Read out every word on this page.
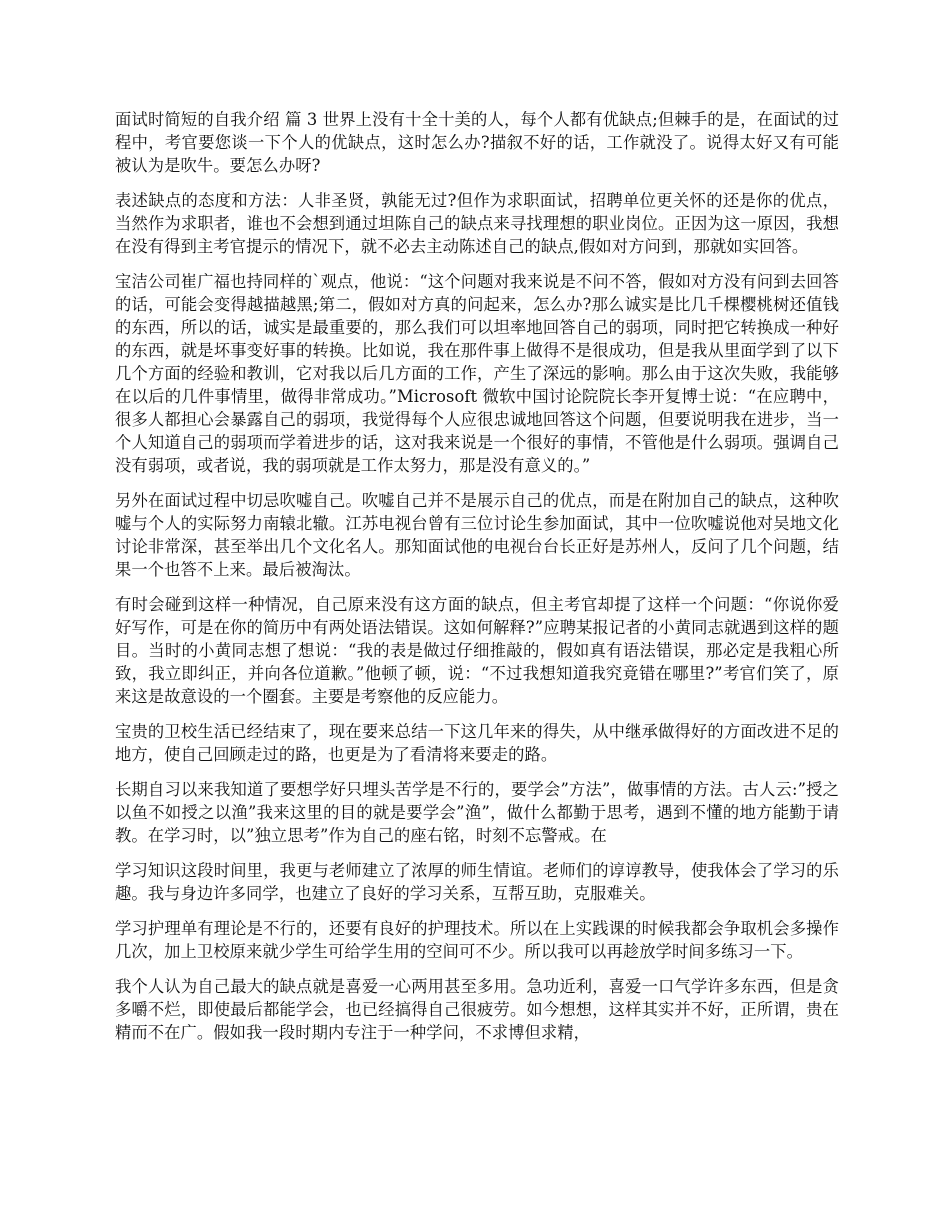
面试时简短的自我介绍 篇 3 世界上没有十全十美的人，每个人都有优缺点;但棘手的是，在面试的过程中，考官要您谈一下个人的优缺点，这时怎么办?描叙不好的话，工作就没了。说得太好又有可能被认为是吹牛。要怎么办呀?

表述缺点的态度和方法：人非圣贤，孰能无过?但作为求职面试，招聘单位更关怀的还是你的优点，当然作为求职者，谁也不会想到通过坦陈自己的缺点来寻找理想的职业岗位。正因为这一原因，我想在没有得到主考官提示的情况下，就不必去主动陈述自己的缺点,假如对方问到，那就如实回答。

宝洁公司崔广福也持同样的`观点，他说：“这个问题对我来说是不问不答，假如对方没有问到去回答的话，可能会变得越描越黑;第二，假如对方真的问起来，怎么办?那么诚实是比几千棵樱桃树还值钱的东西，所以的话，诚实是最重要的，那么我们可以坦率地回答自己的弱项，同时把它转换成一种好的东西，就是坏事变好事的转换。比如说，我在那件事上做得不是很成功，但是我从里面学到了以下几个方面的经验和教训，它对我以后几方面的工作，产生了深远的影响。那么由于这次失败，我能够在以后的几件事情里，做得非常成功。”Microsoft 微软中国讨论院院长李开复博士说：“在应聘中，很多人都担心会暴露自己的弱项，我觉得每个人应很忠诚地回答这个问题，但要说明我在进步，当一个人知道自己的弱项而学着进步的话，这对我来说是一个很好的事情，不管他是什么弱项。强调自己没有弱项，或者说，我的弱项就是工作太努力，那是没有意义的。”

另外在面试过程中切忌吹嘘自己。吹嘘自己并不是展示自己的优点，而是在附加自己的缺点，这种吹嘘与个人的实际努力南辕北辙。江苏电视台曾有三位讨论生参加面试，其中一位吹嘘说他对吴地文化讨论非常深，甚至举出几个文化名人。那知面试他的电视台台长正好是苏州人，反问了几个问题，结果一个也答不上来。最后被淘汰。

有时会碰到这样一种情况，自己原来没有这方面的缺点，但主考官却提了这样一个问题：“你说你爱好写作，可是在你的简历中有两处语法错误。这如何解释?”应聘某报记者的小黄同志就遇到这样的题目。当时的小黄同志想了想说：“我的表是做过仔细推敲的，假如真有语法错误，那必定是我粗心所致，我立即纠正，并向各位道歉。”他顿了顿，说：“不过我想知道我究竟错在哪里?”考官们笑了，原来这是故意设的一个圈套。主要是考察他的反应能力。

宝贵的卫校生活已经结束了，现在要来总结一下这几年来的得失，从中继承做得好的方面改进不足的地方，使自己回顾走过的路，也更是为了看清将来要走的路。

长期自习以来我知道了要想学好只埋头苦学是不行的，要学会”方法”，做事情的方法。古人云:”授之以鱼不如授之以渔”我来这里的目的就是要学会”渔”，做什么都勤于思考，遇到不懂的地方能勤于请教。在学习时，以”独立思考”作为自己的座右铭，时刻不忘警戒。在

学习知识这段时间里，我更与老师建立了浓厚的师生情谊。老师们的谆谆教导，使我体会了学习的乐趣。我与身边许多同学，也建立了良好的学习关系，互帮互助，克服难关。

学习护理单有理论是不行的，还要有良好的护理技术。所以在上实践课的时候我都会争取机会多操作几次，加上卫校原来就少学生可给学生用的空间可不少。所以我可以再趁放学时间多练习一下。

我个人认为自己最大的缺点就是喜爱一心两用甚至多用。急功近利，喜爱一口气学许多东西，但是贪多嚼不烂，即使最后都能学会，也已经搞得自己很疲劳。如今想想，这样其实并不好，正所谓，贵在精而不在广。假如我一段时期内专注于一种学问，不求博但求精，
